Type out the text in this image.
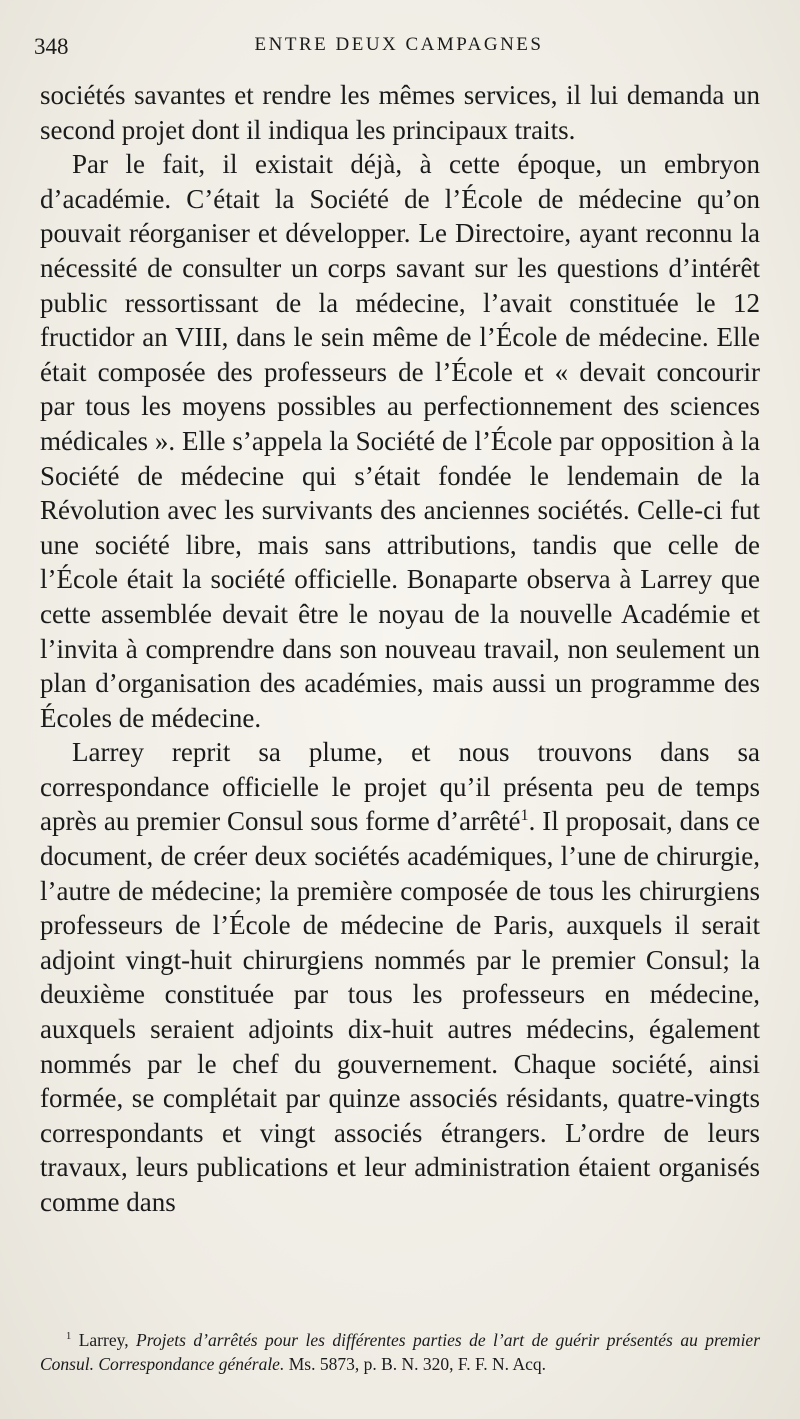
348	ENTRE DEUX CAMPAGNES

sociétés savantes et rendre les mêmes services, il lui demanda un second projet dont il indiqua les principaux traits.

Par le fait, il existait déjà, à cette époque, un embryon d’académie. C’était la Société de l’École de médecine qu’on pouvait réorganiser et développer. Le Directoire, ayant reconnu la nécessité de consulter un corps savant sur les questions d’intérêt public ressortissant de la médecine, l’avait constituée le 12 fructidor an VIII, dans le sein même de l’École de médecine. Elle était composée des professeurs de l’École et « devait concourir par tous les moyens possibles au perfectionnement des sciences médicales ». Elle s’appela la Société de l’École par opposition à la Société de médecine qui s’était fondée le lendemain de la Révolution avec les survivants des anciennes sociétés. Celle-ci fut une société libre, mais sans attributions, tandis que celle de l’École était la société officielle. Bonaparte observa à Larrey que cette assemblée devait être le noyau de la nouvelle Académie et l’invita à comprendre dans son nouveau travail, non seulement un plan d’organisation des académies, mais aussi un programme des Écoles de médecine.

Larrey reprit sa plume, et nous trouvons dans sa correspondance officielle le projet qu’il présenta peu de temps après au premier Consul sous forme d’arrêté$^1$. Il proposait, dans ce document, de créer deux sociétés académiques, l’une de chirurgie, l’autre de médecine; la première composée de tous les chirurgiens professeurs de l’École de médecine de Paris, auxquels il serait adjoint vingt-huit chirurgiens nommés par le premier Consul; la deuxième constituée par tous les professeurs en médecine, auxquels seraient adjoints dix-huit autres médecins, également nommés par le chef du gouvernement. Chaque société, ainsi formée, se complétait par quinze associés résidants, quatre-vingts correspondants et vingt associés étrangers. L’ordre de leurs travaux, leurs publications et leur administration étaient organisés comme dans

$^1$ Larrey, Projets d’arrêtés pour les différentes parties de l’art de guérir présentés au premier Consul. Correspondance générale. Ms. 5873, p. B. N. 320, F. F. N. Acq.
